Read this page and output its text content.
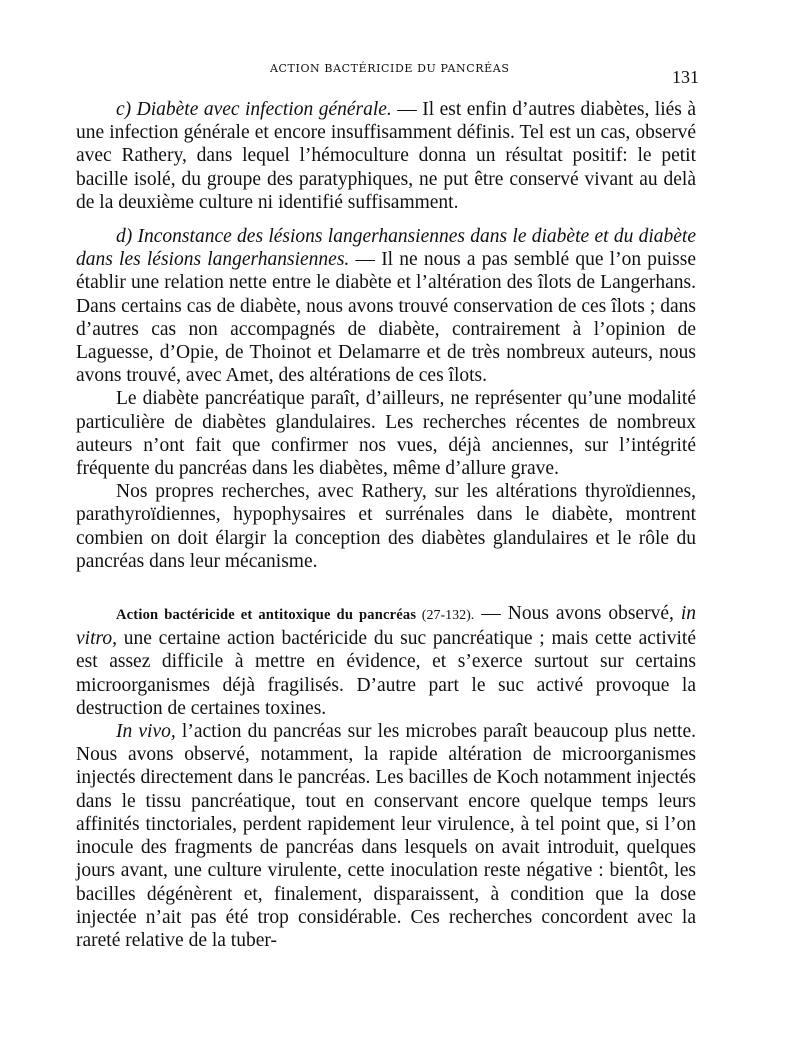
ACTION BACTÉRICIDE DU PANCRÉAS	131

c) Diabète avec infection générale. — Il est enfin d’autres diabètes, liés à une infection générale et encore insuffisamment définis. Tel est un cas, observé avec Rathery, dans lequel l’hémoculture donna un résultat positif: le petit bacille isolé, du groupe des paratyphiques, ne put être conservé vivant au delà de la deuxième culture ni identifié suffisamment.

d) Inconstance des lésions langerhansiennes dans le diabète et du diabète dans les lésions langerhansiennes. — Il ne nous a pas semblé que l’on puisse établir une relation nette entre le diabète et l’altération des îlots de Langerhans. Dans certains cas de diabète, nous avons trouvé conservation de ces îlots ; dans d’autres cas non accompagnés de diabète, contrairement à l’opinion de Laguesse, d’Opie, de Thoinot et Delamarre et de très nombreux auteurs, nous avons trouvé, avec Amet, des altérations de ces îlots.

Le diabète pancréatique paraît, d’ailleurs, ne représenter qu’une modalité particulière de diabètes glandulaires. Les recherches récentes de nombreux auteurs n’ont fait que confirmer nos vues, déjà anciennes, sur l’intégrité fréquente du pancréas dans les diabètes, même d’allure grave.

Nos propres recherches, avec Rathery, sur les altérations thyroïdiennes, parathyroïdiennes, hypophysaires et surrénales dans le diabète, montrent combien on doit élargir la conception des diabètes glandulaires et le rôle du pancréas dans leur mécanisme.

Action bactéricide et antitoxique du pancréas (27-132). — Nous avons observé, in vitro, une certaine action bactéricide du suc pancréatique ; mais cette activité est assez difficile à mettre en évidence, et s’exerce surtout sur certains microorganismes déjà fragilisés. D’autre part le suc activé provoque la destruction de certaines toxines.

In vivo, l’action du pancréas sur les microbes paraît beaucoup plus nette. Nous avons observé, notamment, la rapide altération de microorganismes injectés directement dans le pancréas. Les bacilles de Koch notamment injectés dans le tissu pancréatique, tout en conservant encore quelque temps leurs affinités tinctoriales, perdent rapidement leur virulence, à tel point que, si l’on inocule des fragments de pancréas dans lesquels on avait introduit, quelques jours avant, une culture virulente, cette inoculation reste négative : bientôt, les bacilles dégénèrent et, finalement, disparaissent, à condition que la dose injectée n’ait pas été trop considérable. Ces recherches concordent avec la rareté relative de la tuber-
